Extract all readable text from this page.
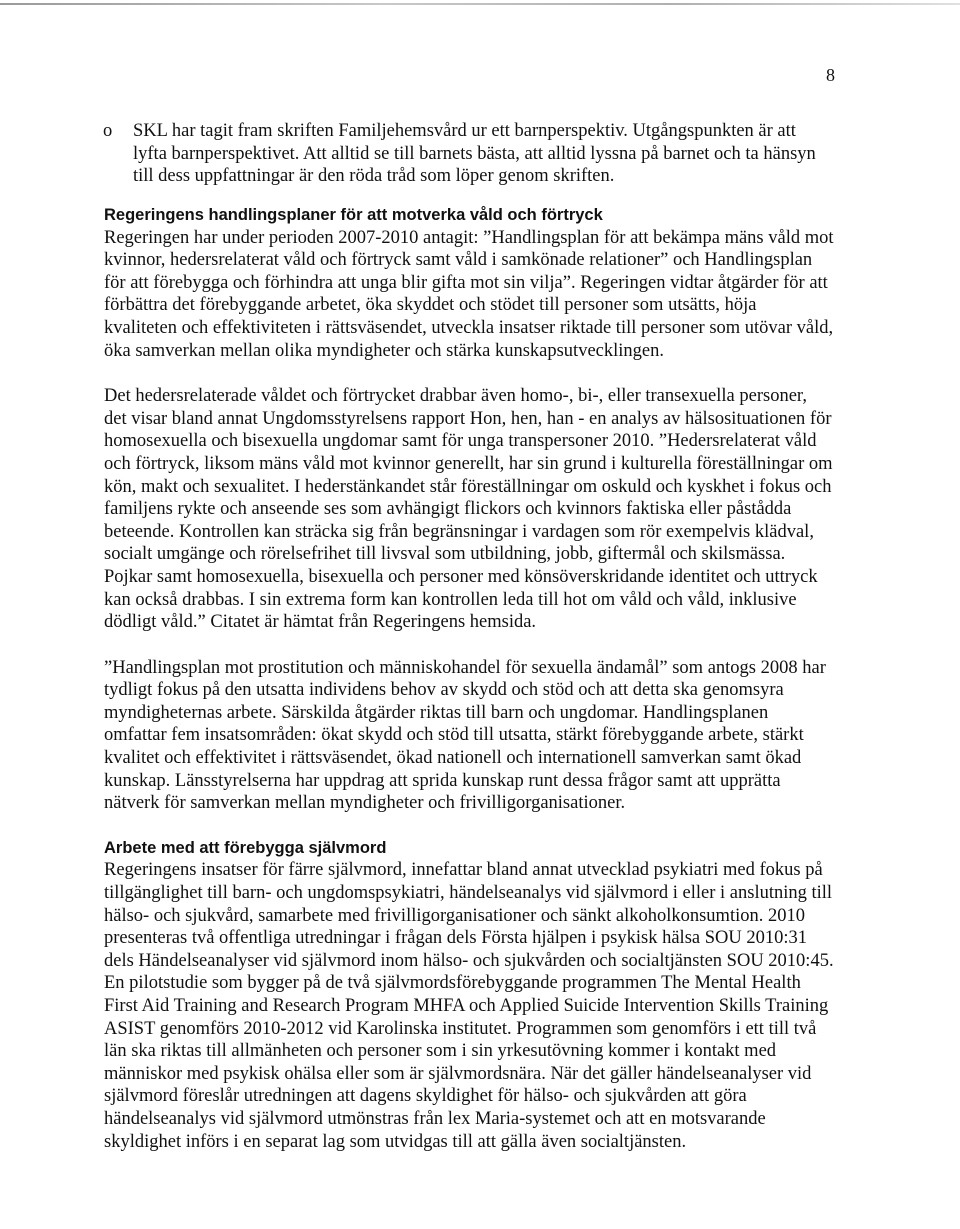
8
o SKL har tagit fram skriften Familjehemsvård ur ett barnperspektiv. Utgångspunkten är att lyfta barnperspektivet. Att alltid se till barnets bästa, att alltid lyssna på barnet och ta hänsyn till dess uppfattningar är den röda tråd som löper genom skriften.

Regeringens handlingsplaner för att motverka våld och förtryck

Regeringen har under perioden 2007-2010 antagit: ”Handlingsplan för att bekämpa mäns våld mot kvinnor, hedersrelaterat våld och förtryck samt våld i samkönade relationer” och Handlingsplan för att förebygga och förhindra att unga blir gifta mot sin vilja”. Regeringen vidtar åtgärder för att förbättra det förebyggande arbetet, öka skyddet och stödet till personer som utsätts, höja kvaliteten och effektiviteten i rättsväsendet, utveckla insatser riktade till personer som utövar våld, öka samverkan mellan olika myndigheter och stärka kunskapsutvecklingen.

Det hedersrelaterade våldet och förtrycket drabbar även homo-, bi-, eller transexuella personer, det visar bland annat Ungdomsstyrelsens rapport Hon, hen, han - en analys av hälsosituationen för homosexuella och bisexuella ungdomar samt för unga transpersoner 2010. ”Hedersrelaterat våld och förtryck, liksom mäns våld mot kvinnor generellt, har sin grund i kulturella föreställningar om kön, makt och sexualitet. I hederstänkandet står föreställningar om oskuld och kyskhet i fokus och familjens rykte och anseende ses som avhängigt flickors och kvinnors faktiska eller påstådda beteende. Kontrollen kan sträcka sig från begränsningar i vardagen som rör exempelvis klädval, socialt umgänge och rörelsefrihet till livsval som utbildning, jobb, giftermål och skilsmässa. Pojkar samt homosexuella, bisexuella och personer med könsöverskridande identitet och uttryck kan också drabbas. I sin extrema form kan kontrollen leda till hot om våld och våld, inklusive dödligt våld.” Citatet är hämtat från Regeringens hemsida.

”Handlingsplan mot prostitution och människohandel för sexuella ändamål” som antogs 2008 har tydligt fokus på den utsatta individens behov av skydd och stöd och att detta ska genomsyra myndigheternas arbete. Särskilda åtgärder riktas till barn och ungdomar. Handlingsplanen omfattar fem insatsområden: ökat skydd och stöd till utsatta, stärkt förebyggande arbete, stärkt kvalitet och effektivitet i rättsväsendet, ökad nationell och internationell samverkan samt ökad kunskap. Länsstyrelserna har uppdrag att sprida kunskap runt dessa frågor samt att upprätta nätverk för samverkan mellan myndigheter och frivilligorganisationer.

Arbete med att förebygga självmord

Regeringens insatser för färre självmord, innefattar bland annat utvecklad psykiatri med fokus på tillgänglighet till barn- och ungdomspsykiatri, händelseanalys vid självmord i eller i anslutning till hälso- och sjukvård, samarbete med frivilligorganisationer och sänkt alkoholkonsumtion. 2010 presenteras två offentliga utredningar i frågan dels Första hjälpen i psykisk hälsa SOU 2010:31 dels Händelseanalyser vid självmord inom hälso- och sjukvården och socialtjänsten SOU 2010:45. En pilotstudie som bygger på de två självmordsförebyggande programmen The Mental Health First Aid Training and Research Program MHFA och Applied Suicide Intervention Skills Training ASIST genomförs 2010-2012 vid Karolinska institutet. Programmen som genomförs i ett till två län ska riktas till allmänheten och personer som i sin yrkesutövning kommer i kontakt med människor med psykisk ohälsa eller som är självmordsnära. När det gäller händelseanalyser vid självmord föreslår utredningen att dagens skyldighet för hälso- och sjukvården att göra händelseanalys vid självmord utmönstras från lex Maria-systemet och att en motsvarande skyldighet införs i en separat lag som utvidgas till att gälla även socialtjänsten.
